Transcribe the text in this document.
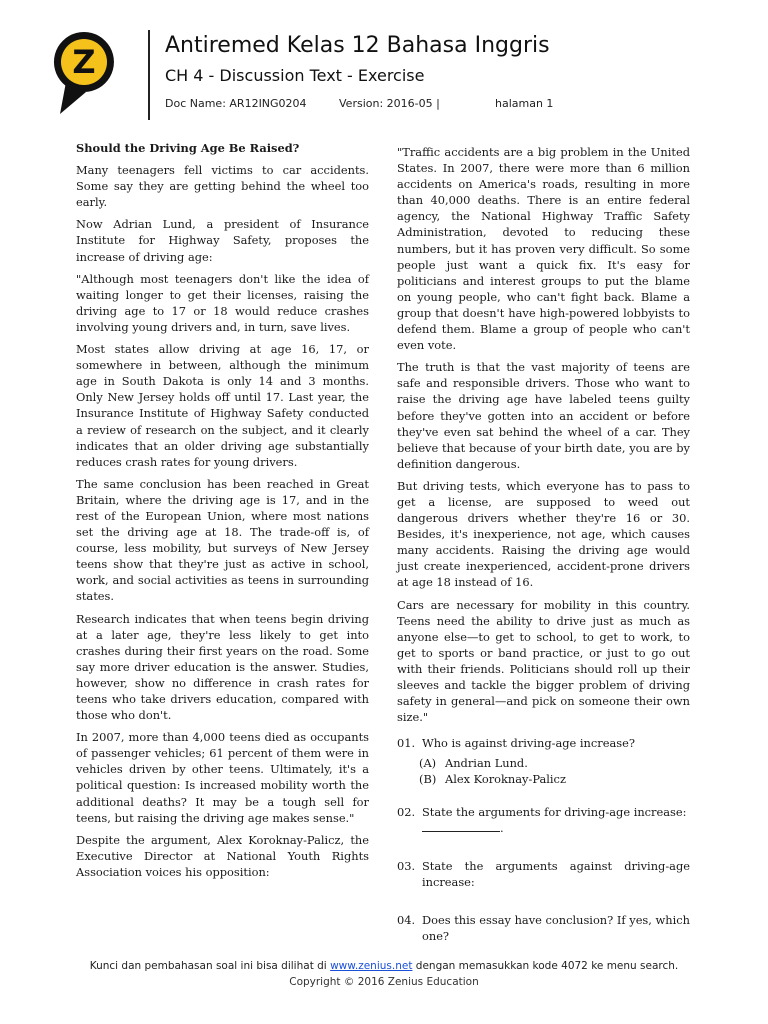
Z	Antiremed Kelas 12 Bahasa Inggris
CH 4 - Discussion Text - Exercise
Doc Name: AR12ING0204	Version: 2016-05 |	halaman 1

Should the Driving Age Be Raised?

Many teenagers fell victims to car accidents. Some say they are getting behind the wheel too early.

Now Adrian Lund, a president of Insurance Institute for Highway Safety, proposes the increase of driving age:

"Although most teenagers don't like the idea of waiting longer to get their licenses, raising the driving age to 17 or 18 would reduce crashes involving young drivers and, in turn, save lives.

Most states allow driving at age 16, 17, or somewhere in between, although the minimum age in South Dakota is only 14 and 3 months. Only New Jersey holds off until 17. Last year, the Insurance Institute of Highway Safety conducted a review of research on the subject, and it clearly indicates that an older driving age substantially reduces crash rates for young drivers.

The same conclusion has been reached in Great Britain, where the driving age is 17, and in the rest of the European Union, where most nations set the driving age at 18. The trade-off is, of course, less mobility, but surveys of New Jersey teens show that they're just as active in school, work, and social activities as teens in surrounding states.

Research indicates that when teens begin driving at a later age, they're less likely to get into crashes during their first years on the road. Some say more driver education is the answer. Studies, however, show no difference in crash rates for teens who take drivers education, compared with those who don't.

In 2007, more than 4,000 teens died as occupants of passenger vehicles; 61 percent of them were in vehicles driven by other teens. Ultimately, it's a political question: Is increased mobility worth the additional deaths? It may be a tough sell for teens, but raising the driving age makes sense."

Despite the argument, Alex Koroknay-Palicz, the Executive Director at National Youth Rights Association voices his opposition:

"Traffic accidents are a big problem in the United States. In 2007, there were more than 6 million accidents on America's roads, resulting in more than 40,000 deaths. There is an entire federal agency, the National Highway Traffic Safety Administration, devoted to reducing these numbers, but it has proven very difficult. So some people just want a quick fix. It's easy for politicians and interest groups to put the blame on young people, who can't fight back. Blame a group that doesn't have high-powered lobbyists to defend them. Blame a group of people who can't even vote.

The truth is that the vast majority of teens are safe and responsible drivers. Those who want to raise the driving age have labeled teens guilty before they've gotten into an accident or before they've even sat behind the wheel of a car. They believe that because of your birth date, you are by definition dangerous.

But driving tests, which everyone has to pass to get a license, are supposed to weed out dangerous drivers whether they're 16 or 30. Besides, it's inexperience, not age, which causes many accidents. Raising the driving age would just create inexperienced, accident-prone drivers at age 18 instead of 16.

Cars are necessary for mobility in this country. Teens need the ability to drive just as much as anyone else—to get to school, to get to work, to get to sports or band practice, or just to go out with their friends. Politicians should roll up their sleeves and tackle the bigger problem of driving safety in general—and pick on someone their own size."

01. Who is against driving-age increase?
(A) Andrian Lund.
(B) Alex Koroknay-Palicz
02. State the arguments for driving-age increase:
.
03. State the arguments against driving-age increase:
04. Does this essay have conclusion? If yes, which one?
Kunci dan pembahasan soal ini bisa dilihat di www.zenius.net dengan memasukkan kode 4072 ke menu search.
Copyright © 2016 Zenius Education
